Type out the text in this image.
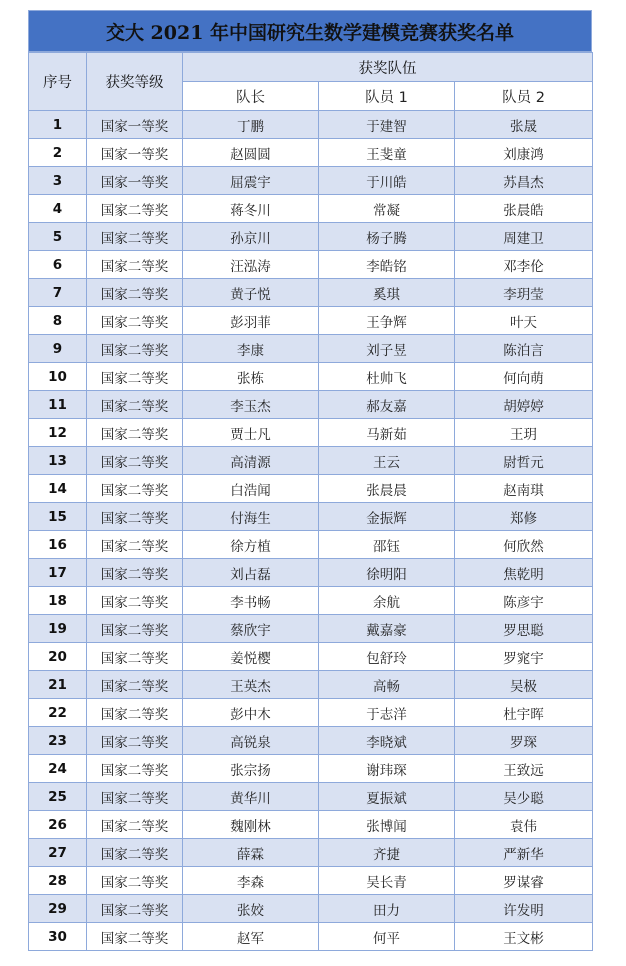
交大 2021 年中国研究生数学建模竞赛获奖名单
序号	获奖等级	获奖队伍		
		队长	队员 1	队员 2
1	国家一等奖	丁鹏	于建智	张晟
2	国家一等奖	赵圆圆	王斐童	刘康鸿
3	国家一等奖	屈震宇	于川皓	苏昌杰
4	国家二等奖	蒋冬川	常凝	张晨皓
5	国家二等奖	孙京川	杨子腾	周建卫
6	国家二等奖	汪泓涛	李皓铭	邓李伦
7	国家二等奖	黄子悦	奚琪	李玥莹
8	国家二等奖	彭羽菲	王争辉	叶天
9	国家二等奖	李康	刘子昱	陈泊言
10	国家二等奖	张栋	杜帅飞	何向萌
11	国家二等奖	李玉杰	郝友嘉	胡婷婷
12	国家二等奖	贾士凡	马新茹	王玥
13	国家二等奖	高清源	王云	尉哲元
14	国家二等奖	白浩闻	张晨晨	赵南琪
15	国家二等奖	付海生	金振辉	郑修
16	国家二等奖	徐方植	邵钰	何欣然
17	国家二等奖	刘占磊	徐明阳	焦乾明
18	国家二等奖	李书畅	余航	陈彦宇
19	国家二等奖	蔡欣宇	戴嘉豪	罗思聪
20	国家二等奖	姜悦樱	包舒玲	罗窕宇
21	国家二等奖	王英杰	高畅	吴极
22	国家二等奖	彭中木	于志洋	杜宇晖
23	国家二等奖	高锐泉	李晓斌	罗琛
24	国家二等奖	张宗扬	谢玮琛	王致远
25	国家二等奖	黄华川	夏振斌	吴少聪
26	国家二等奖	魏刚林	张博闻	袁伟
27	国家二等奖	薛霖	齐捷	严新华
28	国家二等奖	李森	吴长青	罗谋睿
29	国家二等奖	张姣	田力	许发明
30	国家二等奖	赵军	何平	王文彬
